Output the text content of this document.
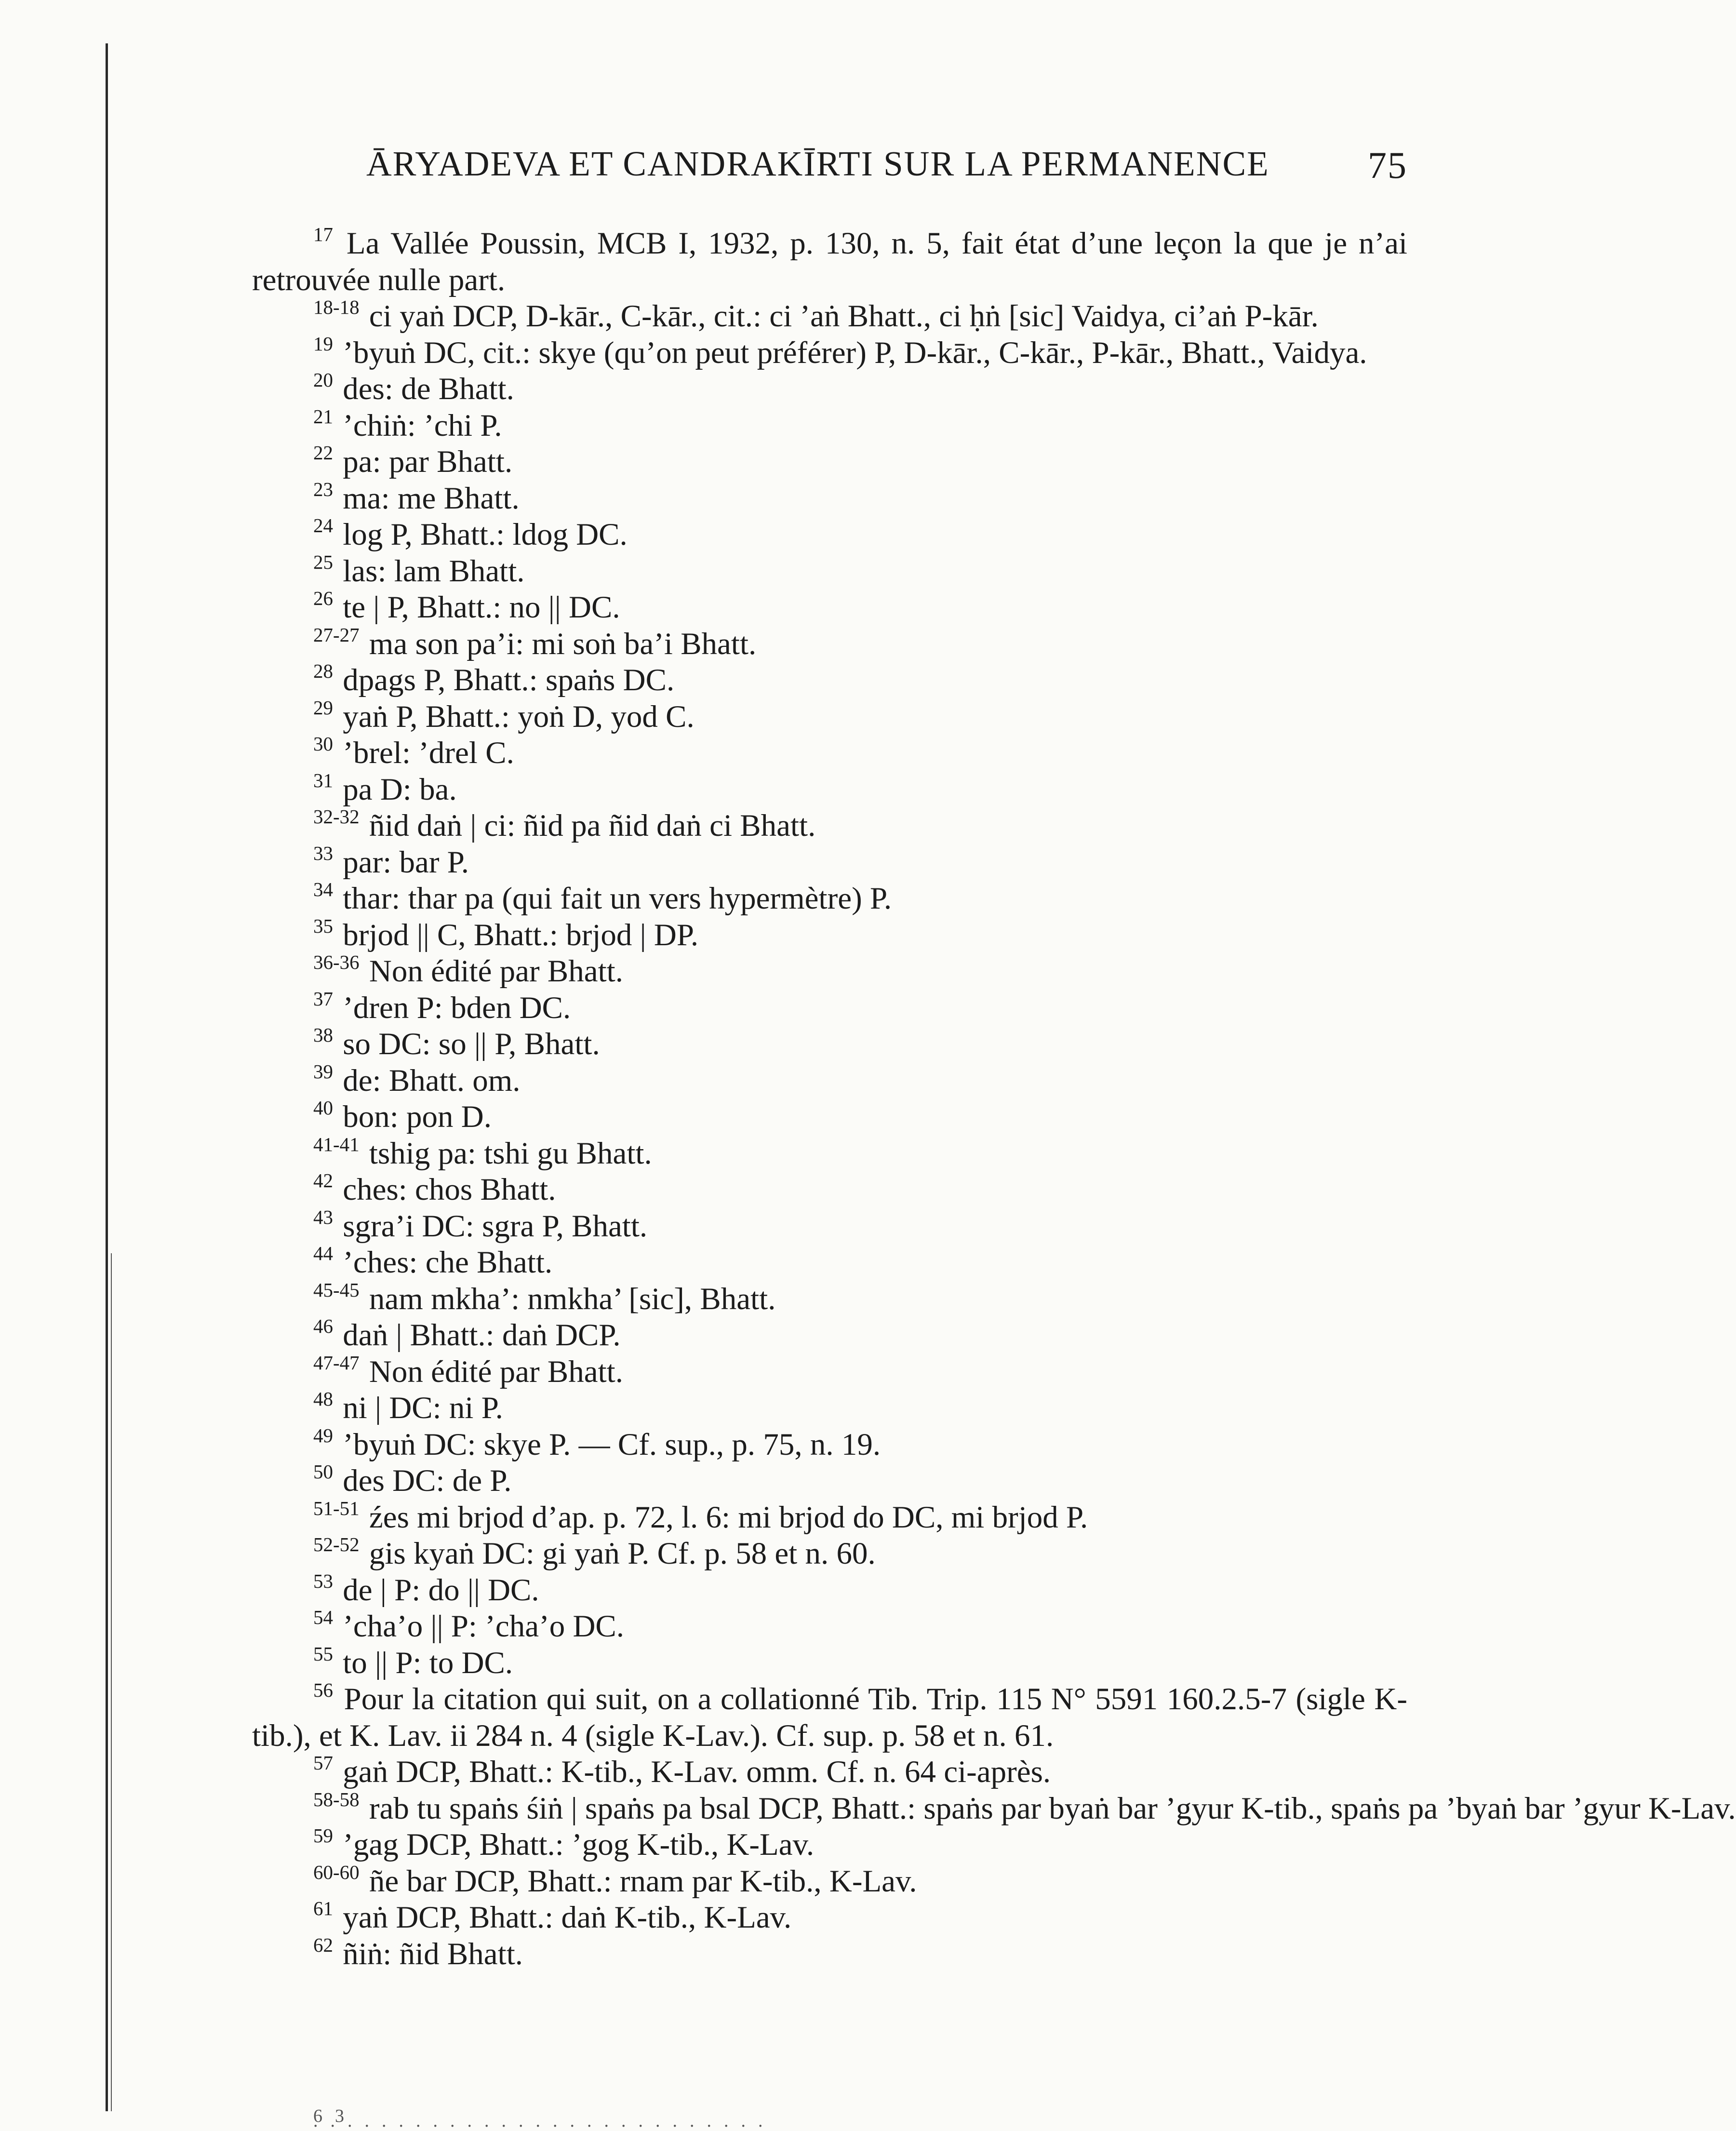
ĀRYADEVA ET CANDRAKĪRTI SUR LA PERMANENCE	75

$^{17}$ La Vallée Poussin, MCB I, 1932, p. 130, n. 5, fait état d’une leçon la que je n’ai retrouvée nulle part.

$^{18-18}$ ci yaṅ DCP, D-kār., C-kār., cit.: ci ’aṅ Bhatt., ci ḥṅ [sic] Vaidya, ci’aṅ P-kār.

$^{19}$ ’byuṅ DC, cit.: skye (qu’on peut préférer) P, D-kār., C-kār., P-kār., Bhatt., Vaidya.

$^{20}$ des: de Bhatt.

$^{21}$ ’chiṅ: ’chi P.

$^{22}$ pa: par Bhatt.

$^{23}$ ma: me Bhatt.

$^{24}$ log P, Bhatt.: ldog DC.

$^{25}$ las: lam Bhatt.

$^{26}$ te | P, Bhatt.: no || DC.

$^{27-27}$ ma son pa’i: mi soṅ ba’i Bhatt.

$^{28}$ dpags P, Bhatt.: spaṅs DC.

$^{29}$ yaṅ P, Bhatt.: yoṅ D, yod C.

$^{30}$ ’brel: ’drel C.

$^{31}$ pa D: ba.

$^{32-32}$ ñid daṅ | ci: ñid pa ñid daṅ ci Bhatt.

$^{33}$ par: bar P.

$^{34}$ thar: thar pa (qui fait un vers hypermètre) P.

$^{35}$ brjod || C, Bhatt.: brjod | DP.

$^{36-36}$ Non édité par Bhatt.

$^{37}$ ’dren P: bden DC.

$^{38}$ so DC: so || P, Bhatt.

$^{39}$ de: Bhatt. om.

$^{40}$ bon: pon D.

$^{41-41}$ tshig pa: tshi gu Bhatt.

$^{42}$ ches: chos Bhatt.

$^{43}$ sgra’i DC: sgra P, Bhatt.

$^{44}$ ’ches: che Bhatt.

$^{45-45}$ nam mkha’: nmkha’ [sic], Bhatt.

$^{46}$ daṅ | Bhatt.: daṅ DCP.

$^{47-47}$ Non édité par Bhatt.

$^{48}$ ni | DC: ni P.

$^{49}$ ’byuṅ DC: skye P. — Cf. sup., p. 75, n. 19.

$^{50}$ des DC: de P.

$^{51-51}$ źes mi brjod d’ap. p. 72, l. 6: mi brjod do DC, mi brjod P.

$^{52-52}$ gis kyaṅ DC: gi yaṅ P. Cf. p. 58 et n. 60.

$^{53}$ de | P: do || DC.

$^{54}$ ’cha’o || P: ’cha’o DC.

$^{55}$ to || P: to DC.

$^{56}$ Pour la citation qui suit, on a collationné Tib. Trip. 115 N° 5591 160.2.5-7 (sigle K-tib.), et K. Lav. ii 284 n. 4 (sigle K-Lav.). Cf. sup. p. 58 et n. 61.

$^{57}$ gaṅ DCP, Bhatt.: K-tib., K-Lav. omm. Cf. n. 64 ci-après.

$^{58-58}$ rab tu spaṅs śiṅ | spaṅs pa bsal DCP, Bhatt.: spaṅs par byaṅ bar ’gyur K-tib., spaṅs pa ’byaṅ bar ’gyur K-Lav.

$^{59}$ ’gag DCP, Bhatt.: ’gog K-tib., K-Lav.

$^{60-60}$ ñe bar DCP, Bhatt.: rnam par K-tib., K-Lav.

$^{61}$ yaṅ DCP, Bhatt.: daṅ K-tib., K-Lav.

$^{62}$ ñiṅ: ñid Bhatt.

63 ...........................
